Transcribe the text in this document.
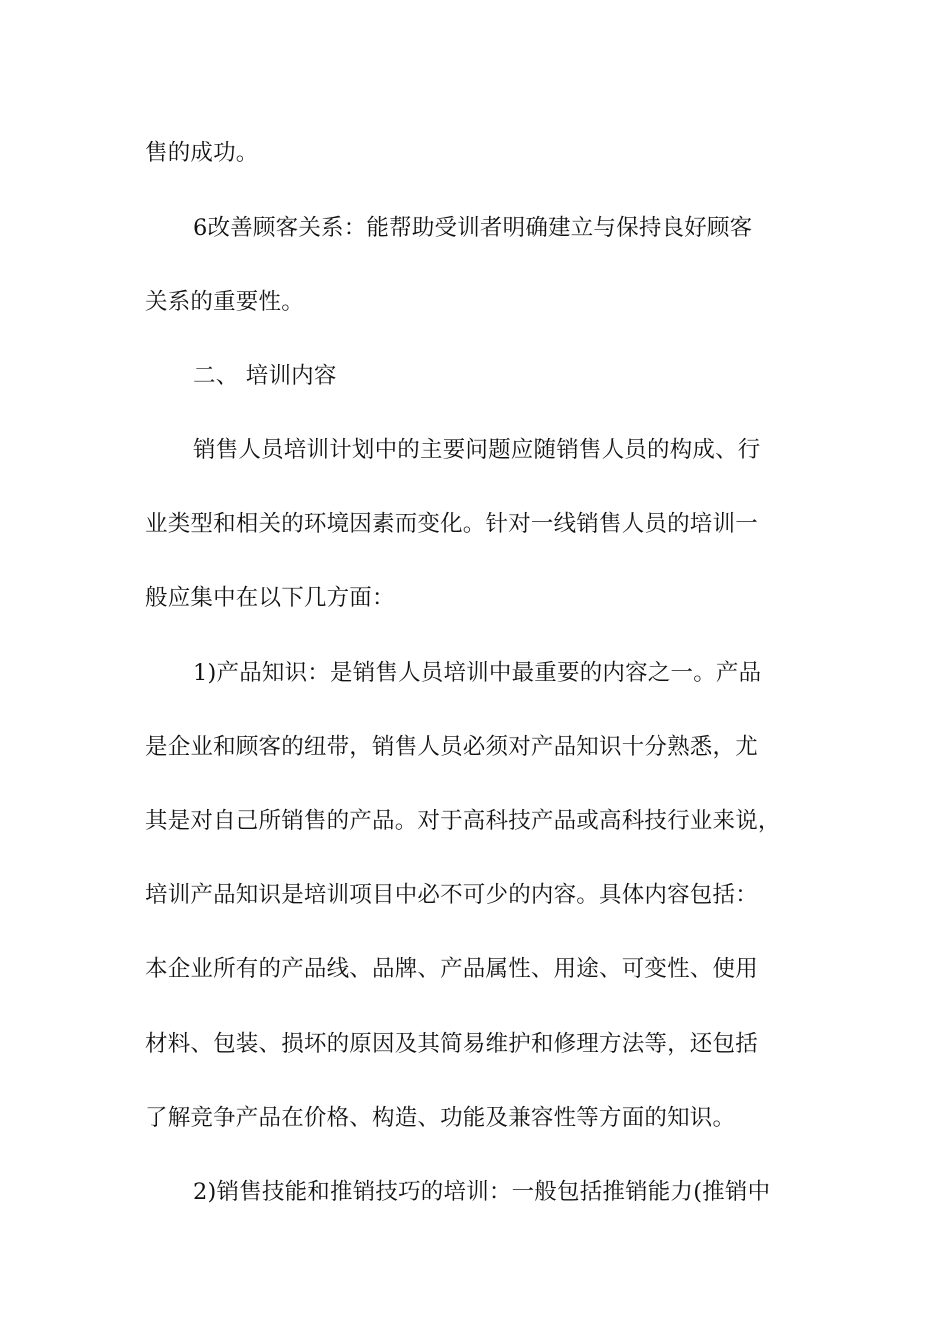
售的成功。
6改善顾客关系：能帮助受训者明确建立与保持良好顾客
关系的重要性。
二、 培训内容
销售人员培训计划中的主要问题应随销售人员的构成、行
业类型和相关的环境因素而变化。针对一线销售人员的培训一
般应集中在以下几方面：
1)产品知识：是销售人员培训中最重要的内容之一。产品
是企业和顾客的纽带，销售人员必须对产品知识十分熟悉，尤
其是对自己所销售的产品。对于高科技产品或高科技行业来说，
培训产品知识是培训项目中必不可少的内容。具体内容包括：
本企业所有的产品线、品牌、产品属性、用途、可变性、使用
材料、包装、损坏的原因及其简易维护和修理方法等，还包括
了解竞争产品在价格、构造、功能及兼容性等方面的知识。
2)销售技能和推销技巧的培训：一般包括推销能力(推销中
